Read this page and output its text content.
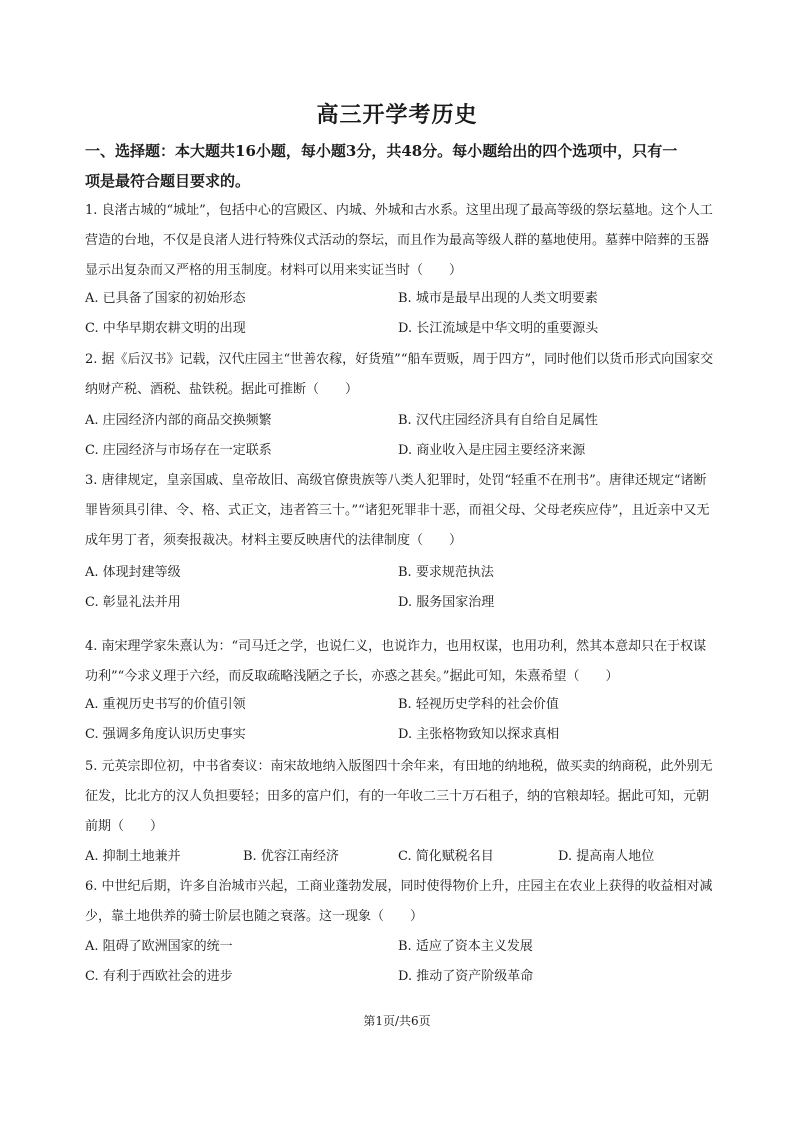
高三开学考历史

一、选择题：本大题共16小题，每小题3分，共48分。每小题给出的四个选项中，只有一

项是最符合题目要求的。

1. 良渚古城的“城址”，包括中心的宫殿区、内城、外城和古水系。这里出现了最高等级的祭坛墓地。这个人工营造的台地，不仅是良渚人进行特殊仪式活动的祭坛，而且作为最高等级人群的墓地使用。墓葬中陪葬的玉器显示出复杂而又严格的用玉制度。材料可以用来实证当时（　　）

A. 已具备了国家的初始形态	B. 城市是最早出现的人类文明要素
C. 中华早期农耕文明的出现	D. 长江流域是中华文明的重要源头

2. 据《后汉书》记载，汉代庄园主“世善农稼，好货殖”“船车贾贩，周于四方”，同时他们以货币形式向国家交纳财产税、酒税、盐铁税。据此可推断（　　）

A. 庄园经济内部的商品交换频繁	B. 汉代庄园经济具有自给自足属性
C. 庄园经济与市场存在一定联系	D. 商业收入是庄园主要经济来源

3. 唐律规定，皇亲国戚、皇帝故旧、高级官僚贵族等八类人犯罪时，处罚“轻重不在刑书”。唐律还规定“诸断罪皆须具引律、令、格、式正文，违者笞三十。”“诸犯死罪非十恶，而祖父母、父母老疾应侍”，且近亲中又无成年男丁者，须奏报裁决。材料主要反映唐代的法律制度（　　）

A. 体现封建等级	B. 要求规范执法
C. 彰显礼法并用	D. 服务国家治理

4. 南宋理学家朱熹认为：“司马迁之学，也说仁义，也说诈力，也用权谋，也用功利，然其本意却只在于权谋功利”“今求义理于六经，而反取疏略浅陋之子长，亦惑之甚矣。”据此可知，朱熹希望（　　）

A. 重视历史书写的价值引领	B. 轻视历史学科的社会价值
C. 强调多角度认识历史事实	D. 主张格物致知以探求真相

5. 元英宗即位初，中书省奏议：南宋故地纳入版图四十余年来，有田地的纳地税，做买卖的纳商税，此外别无征发，比北方的汉人负担要轻；田多的富户们，有的一年收二三十万石租子，纳的官粮却轻。据此可知，元朝前期（　　）

A. 抑制土地兼并	B. 优容江南经济	C. 简化赋税名目	D. 提高南人地位

6. 中世纪后期，许多自治城市兴起，工商业蓬勃发展，同时使得物价上升，庄园主在农业上获得的收益相对减少，靠土地供养的骑士阶层也随之衰落。这一现象（　　）

A. 阻碍了欧洲国家的统一	B. 适应了资本主义发展
C. 有利于西欧社会的进步	D. 推动了资产阶级革命
第1页/共6页
